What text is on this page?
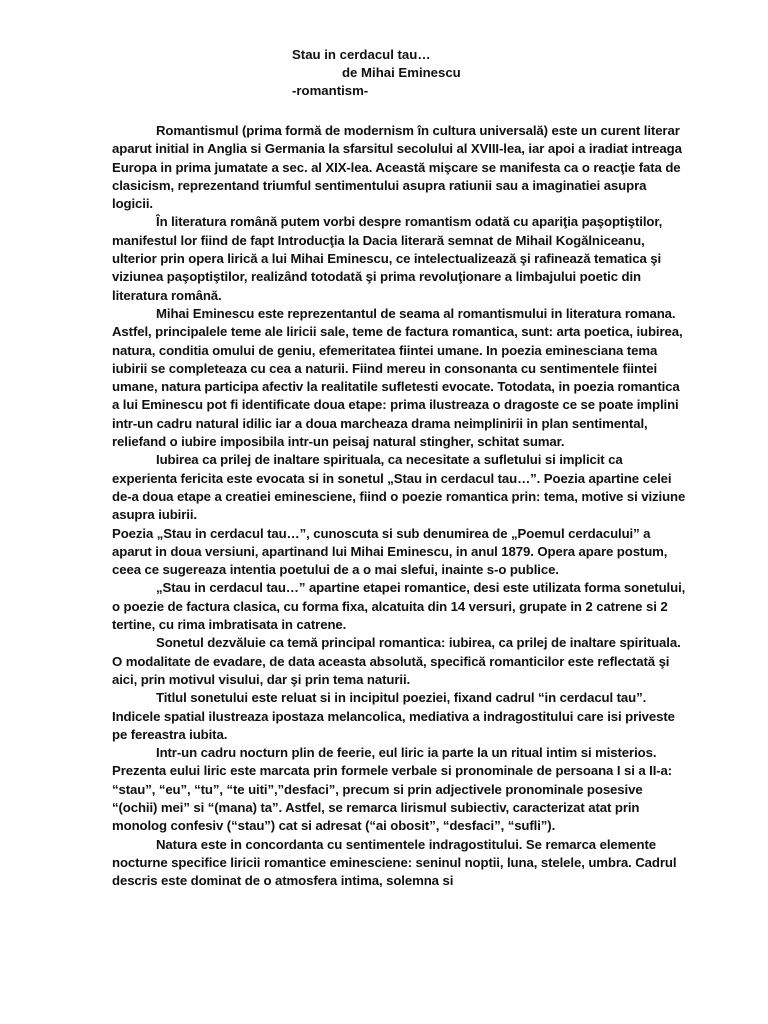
Stau in cerdacul tau…
de Mihai Eminescu
-romantism-

Romantismul (prima formă de modernism în cultura universală) este un curent literar aparut initial in Anglia si Germania la sfarsitul secolului al XVIII-lea, iar apoi a iradiat intreaga Europa in prima jumatate a sec. al XIX-lea. Această mişcare se manifesta ca o reacţie fata de clasicism, reprezentand triumful sentimentului asupra ratiunii sau a imaginatiei asupra logicii.

În literatura română putem vorbi despre romantism odată cu apariţia paşoptiştilor, manifestul lor fiind de fapt Introducţia la Dacia literară semnat de Mihail Kogălniceanu, ulterior prin opera lirică a lui Mihai Eminescu, ce intelectualizează şi rafinează tematica şi viziunea paşoptiştilor, realizând totodată şi prima revoluţionare a limbajului poetic din literatura română.

Mihai Eminescu este reprezentantul de seama al romantismului in literatura romana. Astfel, principalele teme ale liricii sale, teme de factura romantica, sunt: arta poetica, iubirea, natura, conditia omului de geniu, efemeritatea fiintei umane. In poezia eminesciana tema iubirii se completeaza cu cea a naturii. Fiind mereu in consonanta cu sentimentele fiintei umane, natura participa afectiv la realitatile sufletesti evocate. Totodata, in poezia romantica a lui Eminescu pot fi identificate doua etape: prima ilustreaza o dragoste ce se poate implini intr-un cadru natural idilic iar a doua marcheaza drama neimplinirii in plan sentimental, reliefand o iubire imposibila intr-un peisaj natural stingher, schitat sumar.

Iubirea ca prilej de inaltare spirituala, ca necesitate a sufletului si implicit ca experienta fericita este evocata si in sonetul „Stau in cerdacul tau…”. Poezia apartine celei de-a doua etape a creatiei eminesciene, fiind o poezie romantica prin: tema, motive si viziune asupra iubirii.

Poezia „Stau in cerdacul tau…”, cunoscuta si sub denumirea de „Poemul cerdacului” a aparut in doua versiuni, apartinand lui Mihai Eminescu, in anul 1879. Opera apare postum, ceea ce sugereaza intentia poetului de a o mai slefui, inainte s-o publice.

„Stau in cerdacul tau…” apartine etapei romantice, desi este utilizata forma sonetului, o poezie de factura clasica, cu forma fixa, alcatuita din 14 versuri, grupate in 2 catrene si 2 tertine, cu rima imbratisata in catrene.

Sonetul dezvăluie ca temă principal romantica: iubirea, ca prilej de inaltare spirituala. O modalitate de evadare, de data aceasta absolută, specifică romanticilor este reflectată şi aici, prin motivul visului, dar şi prin tema naturii.

Titlul sonetului este reluat si in incipitul poeziei, fixand cadrul “in cerdacul tau”. Indicele spatial ilustreaza ipostaza melancolica, mediativa a indragostitului care isi priveste pe fereastra iubita.

Intr-un cadru nocturn plin de feerie, eul liric ia parte la un ritual intim si misterios. Prezenta eului liric este marcata prin formele verbale si pronominale de persoana I si a II-a: “stau”, “eu”, “tu”, “te uiti”,”desfaci”, precum si prin adjectivele pronominale posesive “(ochii) mei” si “(mana) ta”. Astfel, se remarca lirismul subiectiv, caracterizat atat prin monolog confesiv (“stau”) cat si adresat (“ai obosit”, “desfaci”, “sufli”).

Natura este in concordanta cu sentimentele indragostitului. Se remarca elemente nocturne specifice liricii romantice eminesciene: seninul noptii, luna, stelele, umbra. Cadrul descris este dominat de o atmosfera intima, solemna si
